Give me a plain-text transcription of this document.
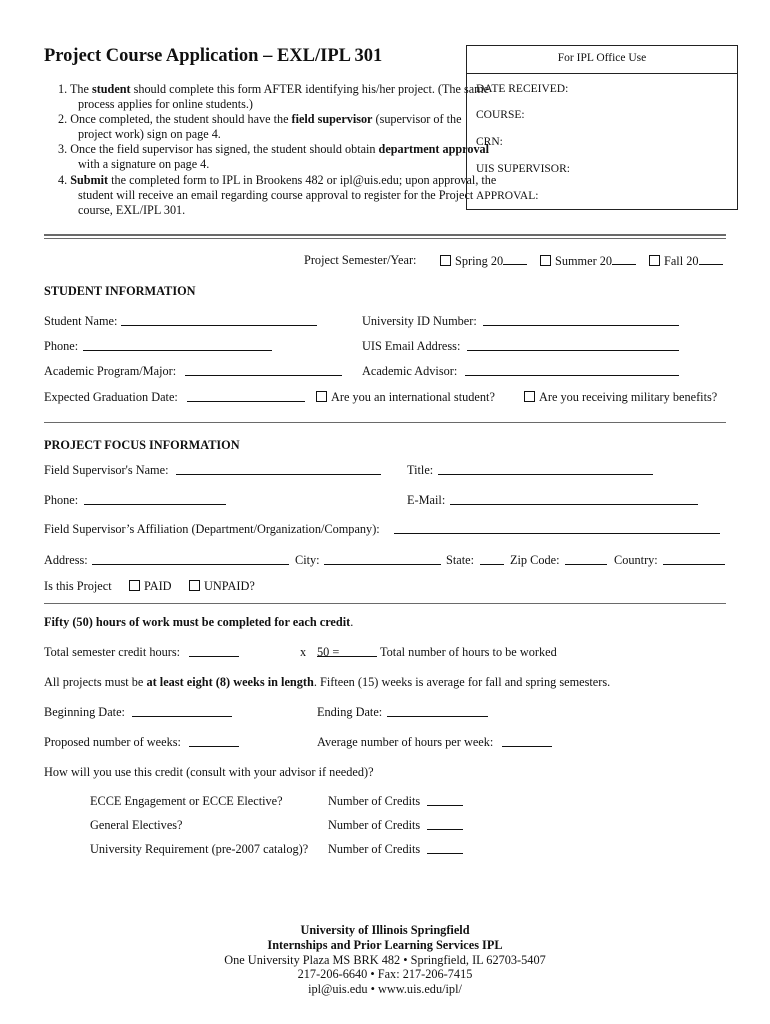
Project Course Application – EXL/IPL 301
1. The student should complete this form AFTER identifying his/her project. (The same process applies for online students.)
2. Once completed, the student should have the field supervisor (supervisor of the project work) sign on page 4.
3. Once the field supervisor has signed, the student should obtain department approval with a signature on page 4.
4. Submit the completed form to IPL in Brookens 482 or ipl@uis.edu; upon approval, the student will receive an email regarding course approval to register for the Project course, EXL/IPL 301.
For IPL Office Use
DATE RECEIVED:
COURSE:
CRN:
UIS SUPERVISOR:
APPROVAL:
Project Semester/Year:	Spring 20	Summer 20	Fall 20
STUDENT INFORMATION
Student Name:	University ID Number:
Phone:	UIS Email Address:
Academic Program/Major:	Academic Advisor:
Expected Graduation Date:	Are you an international student?	Are you receiving military benefits?
PROJECT FOCUS INFORMATION
Field Supervisor's Name:	Title:
Phone:	E-Mail:
Field Supervisor’s Affiliation (Department/Organization/Company):
Address:	City:	State:	Zip Code:	Country:
Is this Project	PAID	UNPAID?
Fifty (50) hours of work must be completed for each credit.
Total semester credit hours:	x 50 =	Total number of hours to be worked
All projects must be at least eight (8) weeks in length. Fifteen (15) weeks is average for fall and spring semesters.
Beginning Date:	Ending Date:
Proposed number of weeks:	Average number of hours per week:
How will you use this credit (consult with your advisor if needed)?
ECCE Engagement or ECCE Elective?	Number of Credits
General Electives?	Number of Credits
University Requirement (pre-2007 catalog)? Number of Credits
University of Illinois Springfield
Internships and Prior Learning Services IPL
One University Plaza MS BRK 482 • Springfield, IL 62703-5407
217-206-6640 • Fax: 217-206-7415
ipl@uis.edu • www.uis.edu/ipl/
